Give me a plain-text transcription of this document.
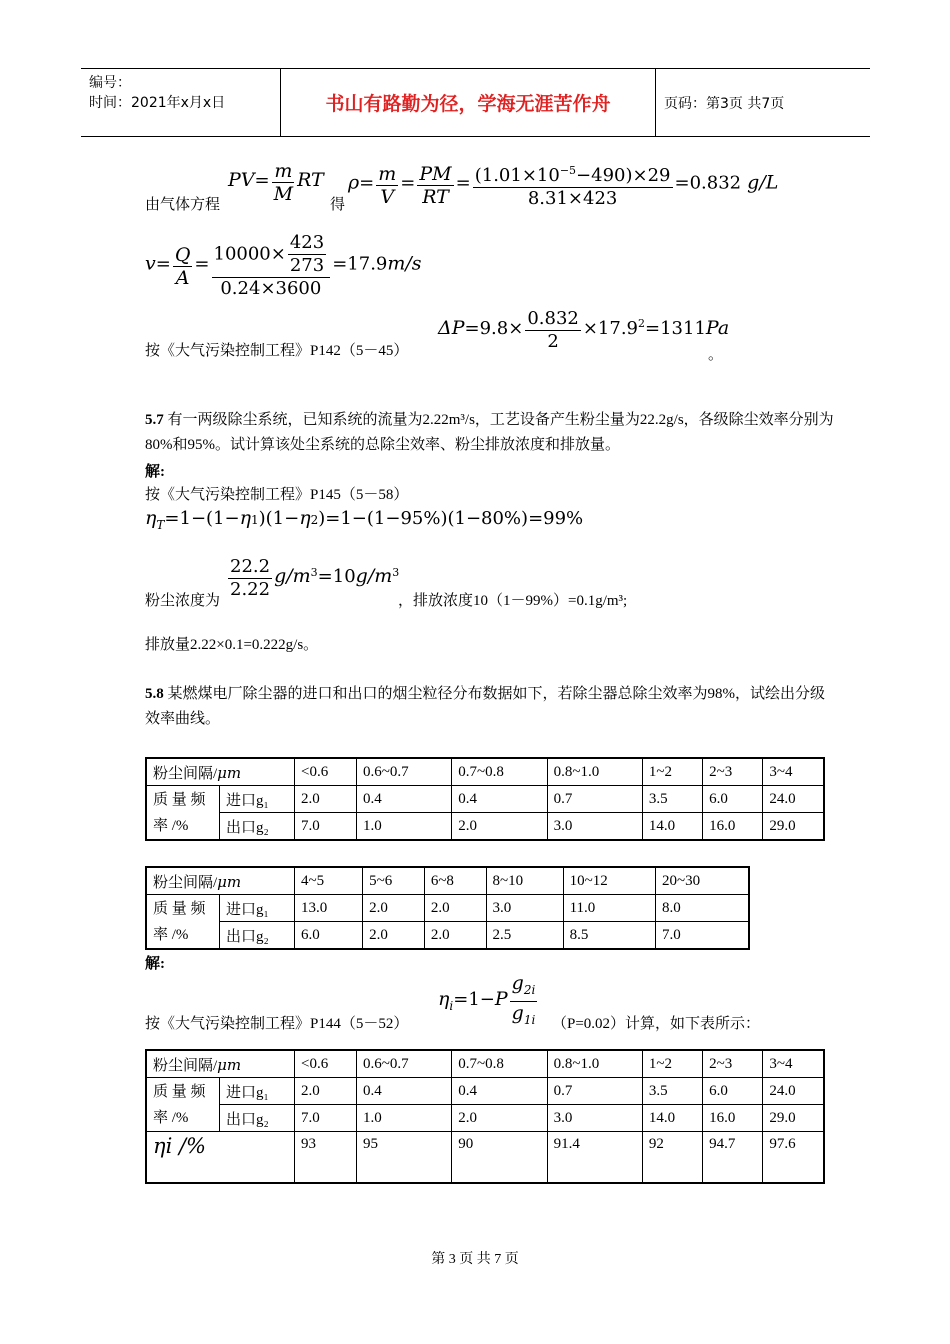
编号：
时间：2021年x月x日	书山有路勤为径，学海无涯苦作舟	页码：第3页 共7页
由气体方程
$PV= \frac{m}{M}$ RT
得
$\rho= \frac{m}{V} = \frac{PM}{RT} = \frac{(1.01\times 10^{-5}-490)\times 29}{8.31\times 423} =0.832$ g/L
$v= \frac{Q}{A} = \frac{10000\times \frac{423}{273}}{0.24\times 3600} =17.9m/s$
按《大气污染控制工程》P142（5－45）
$\Delta P=9.8\times \frac{0.832}{2} \times 17.9^2=1311Pa$
。
5.7 有一两级除尘系统，已知系统的流量为2.22m³/s，工艺设备产生粉尘量为22.2g/s，各级除尘效率分别为80%和95%。试计算该处尘系统的总除尘效率、粉尘排放浓度和排放量。
解:
按《大气污染控制工程》P145（5－58）
$\eta_T=1-(1-\eta 1)(1-\eta 2)=1-(1-95\%)(1-80\%)=99\%$
粉尘浓度为 $\frac{22.2}{2.22} g/m^3=10g/m^3$
，排放浓度10（1－99%）=0.1g/m³;
排放量2.22×0.1=0.222g/s。
5.8 某燃煤电厂除尘器的进口和出口的烟尘粒径分布数据如下，若除尘器总除尘效率为98%，试绘出分级效率曲线。
粉尘间隔/μm		<0.6	0.6~0.7	0.7~0.8	0.8~1.0	1~2	2~3	3~4
质 量 频 率 /%	进口g₁	2.0	0.4	0.4	0.7	3.5	6.0	24.0
	出口g₂	7.0	1.0	2.0	3.0	14.0	16.0	29.0
粉尘间隔/μm		4~5	5~6	6~8	8~10	10~12	20~30
质 量 频 率 /%	进口g₁	13.0	2.0	2.0	3.0	11.0	8.0
	出口g₂	6.0	2.0	2.0	2.5	8.5	7.0
解:
$\eta_i=1-P \frac{g_{2i}}{g_{1i}}$
按《大气污染控制工程》P144（5－52）	（P=0.02）计算，如下表所示：
粉尘间隔/μm		<0.6	0.6~0.7	0.7~0.8	0.8~1.0	1~2	2~3	3~4
质 量 频 率 /%	进口g₁	2.0	0.4	0.4	0.7	3.5	6.0	24.0
	出口g₂	7.0	1.0	2.0	3.0	14.0	16.0	29.0
ηi /%		93	95	90	91.4	92	94.7	97.6
第 3 页 共 7 页
